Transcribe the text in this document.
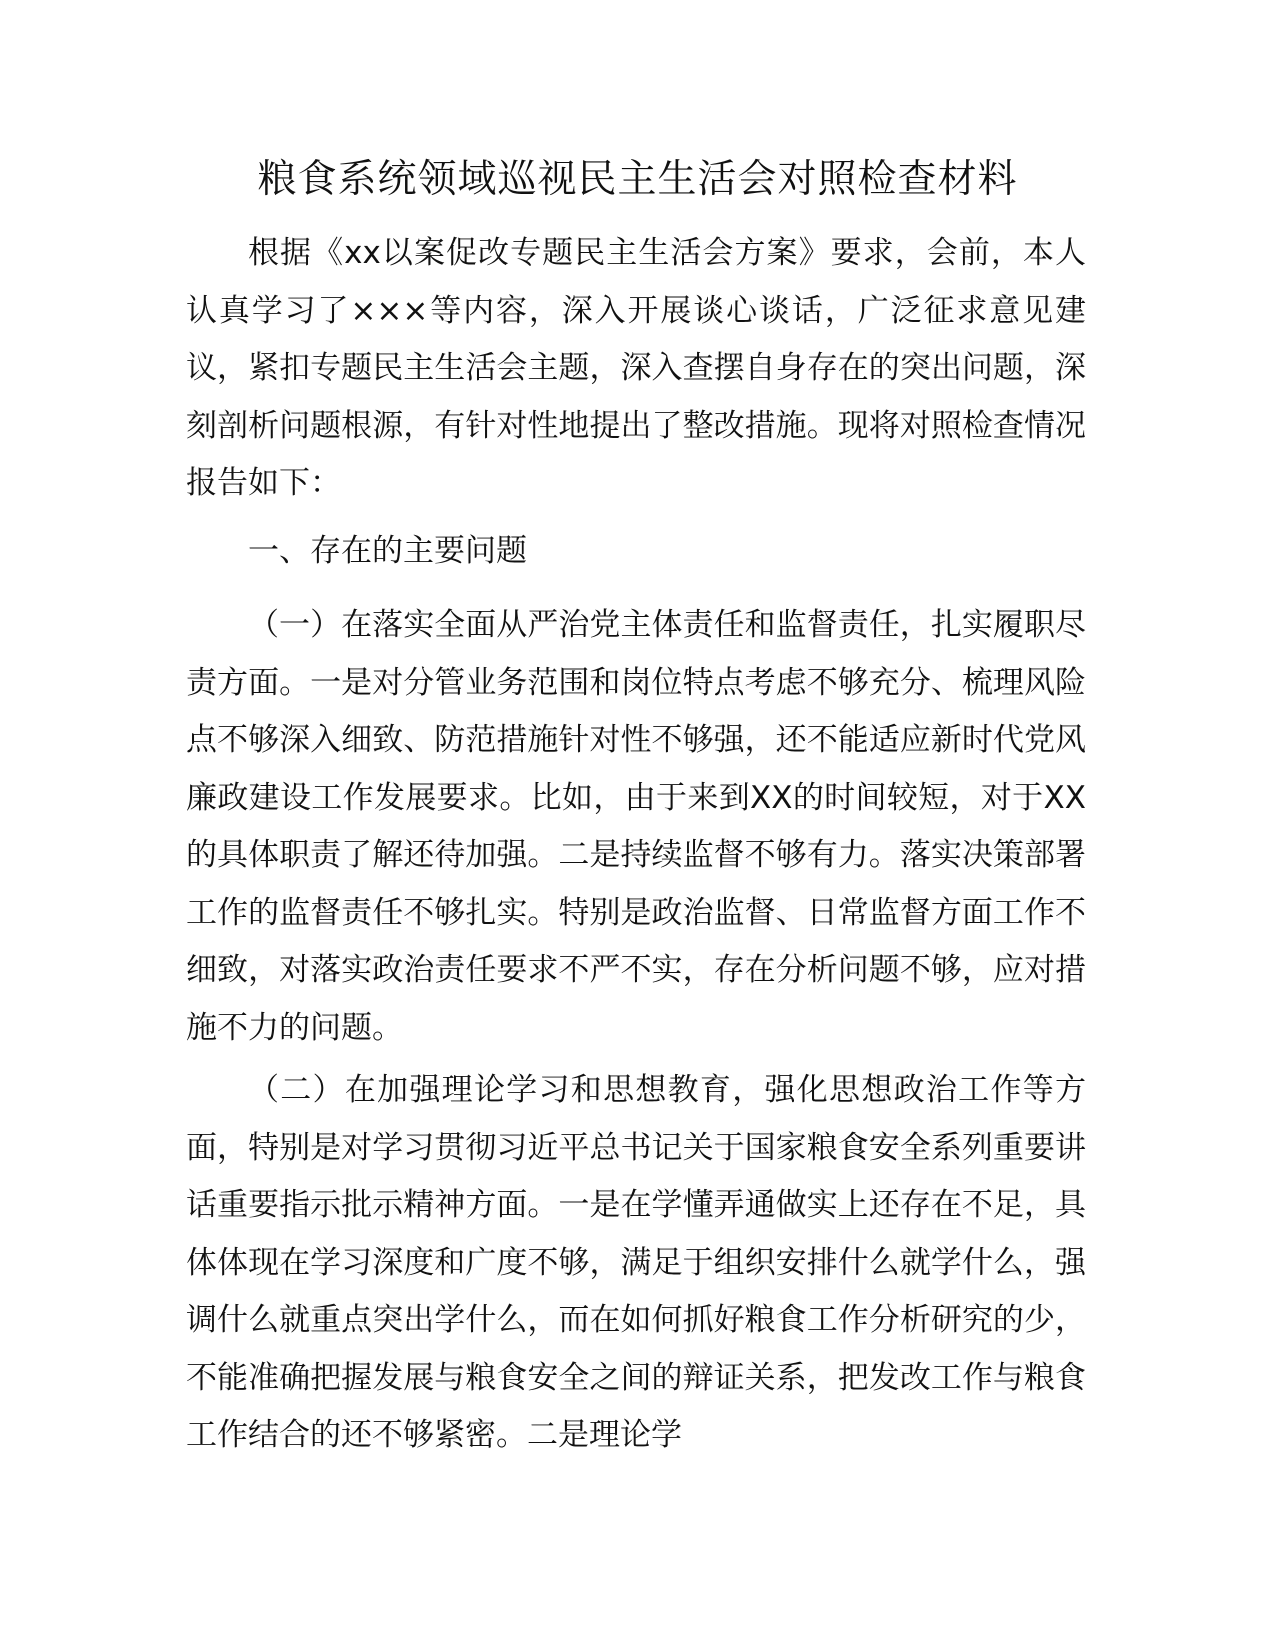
粮食系统领域巡视民主生活会对照检查材料

根据《xx以案促改专题民主生活会方案》要求，会前，本人认真学习了×××等内容，深入开展谈心谈话，广泛征求意见建议，紧扣专题民主生活会主题，深入查摆自身存在的突出问题，深刻剖析问题根源，有针对性地提出了整改措施。现将对照检查情况报告如下：

一、存在的主要问题

（一）在落实全面从严治党主体责任和监督责任，扎实履职尽责方面。一是对分管业务范围和岗位特点考虑不够充分、梳理风险点不够深入细致、防范措施针对性不够强，还不能适应新时代党风廉政建设工作发展要求。比如，由于来到XX的时间较短，对于XX的具体职责了解还待加强。二是持续监督不够有力。落实决策部署工作的监督责任不够扎实。特别是政治监督、日常监督方面工作不细致，对落实政治责任要求不严不实，存在分析问题不够，应对措施不力的问题。

（二）在加强理论学习和思想教育，强化思想政治工作等方面，特别是对学习贯彻习近平总书记关于国家粮食安全系列重要讲话重要指示批示精神方面。一是在学懂弄通做实上还存在不足，具体体现在学习深度和广度不够，满足于组织安排什么就学什么，强调什么就重点突出学什么，而在如何抓好粮食工作分析研究的少，不能准确把握发展与粮食安全之间的辩证关系，把发改工作与粮食工作结合的还不够紧密。二是理论学
